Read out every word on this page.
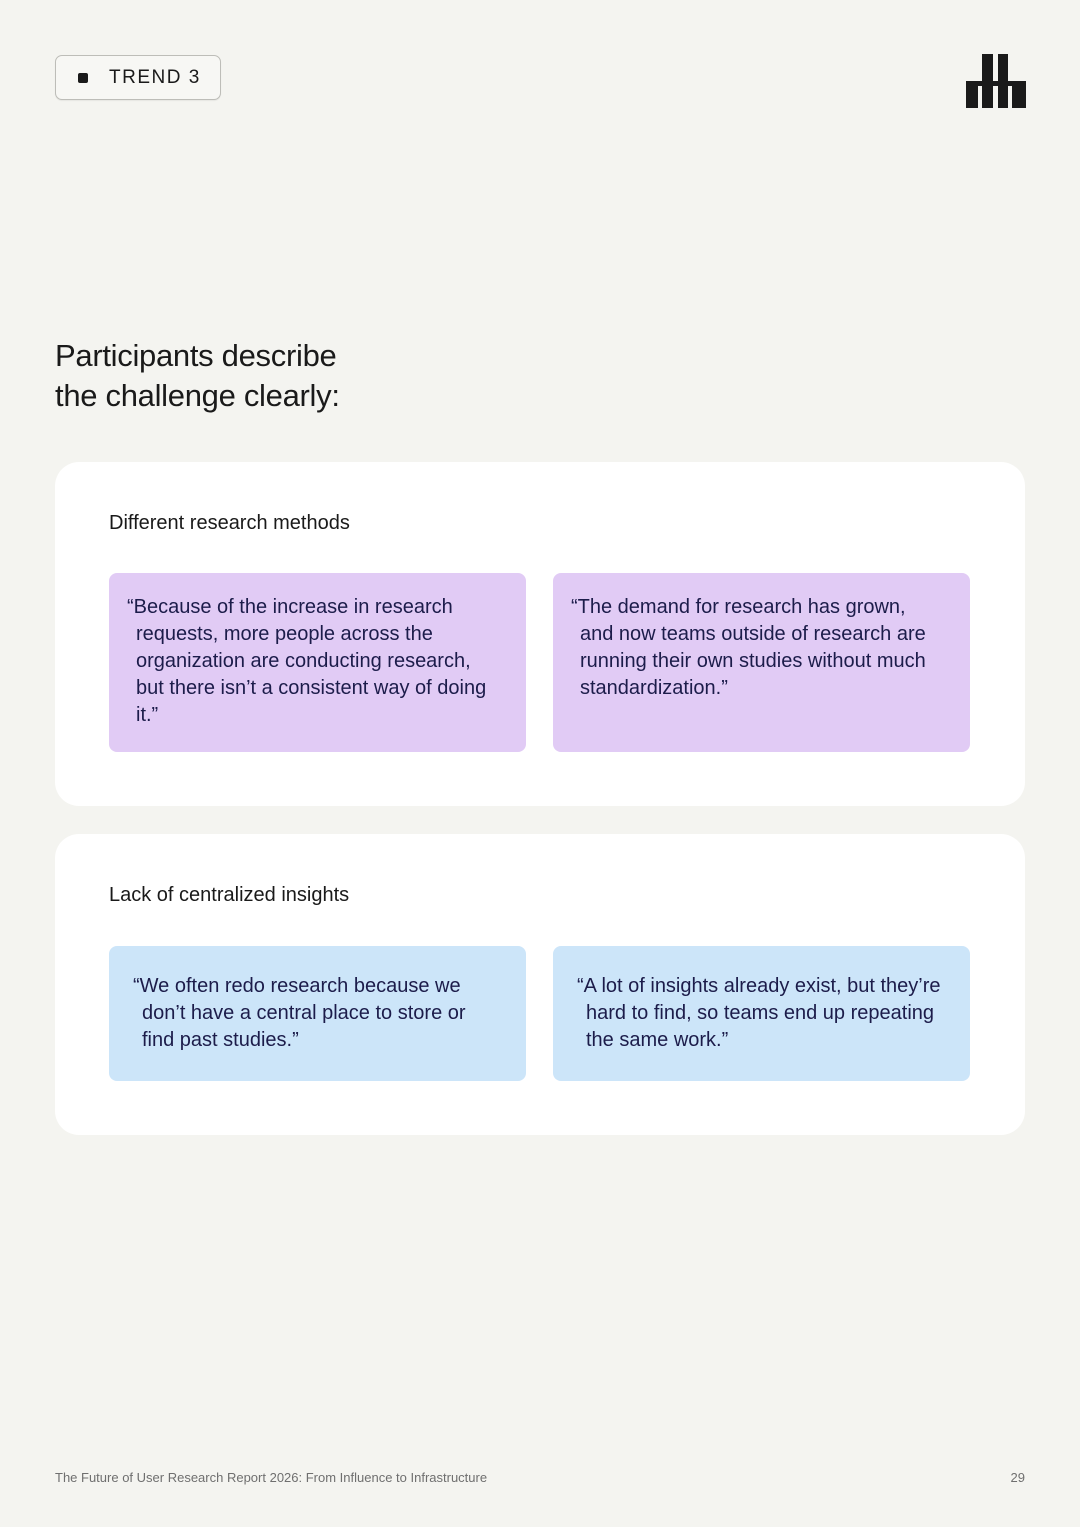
TREND 3
Participants describe
the challenge clearly:
Different research methods
“Because of the increase in research requests, more people across the organization are conducting research, but there isn’t a consistent way of doing it.”
“The demand for research has grown, and now teams outside of research are running their own studies without much standardization.”
Lack of centralized insights
“We often redo research because we don’t have a central place to store or find past studies.”
“A lot of insights already exist, but they’re hard to find, so teams end up repeating the same work.”
The Future of User Research Report 2026: From Influence to Infrastructure	29
